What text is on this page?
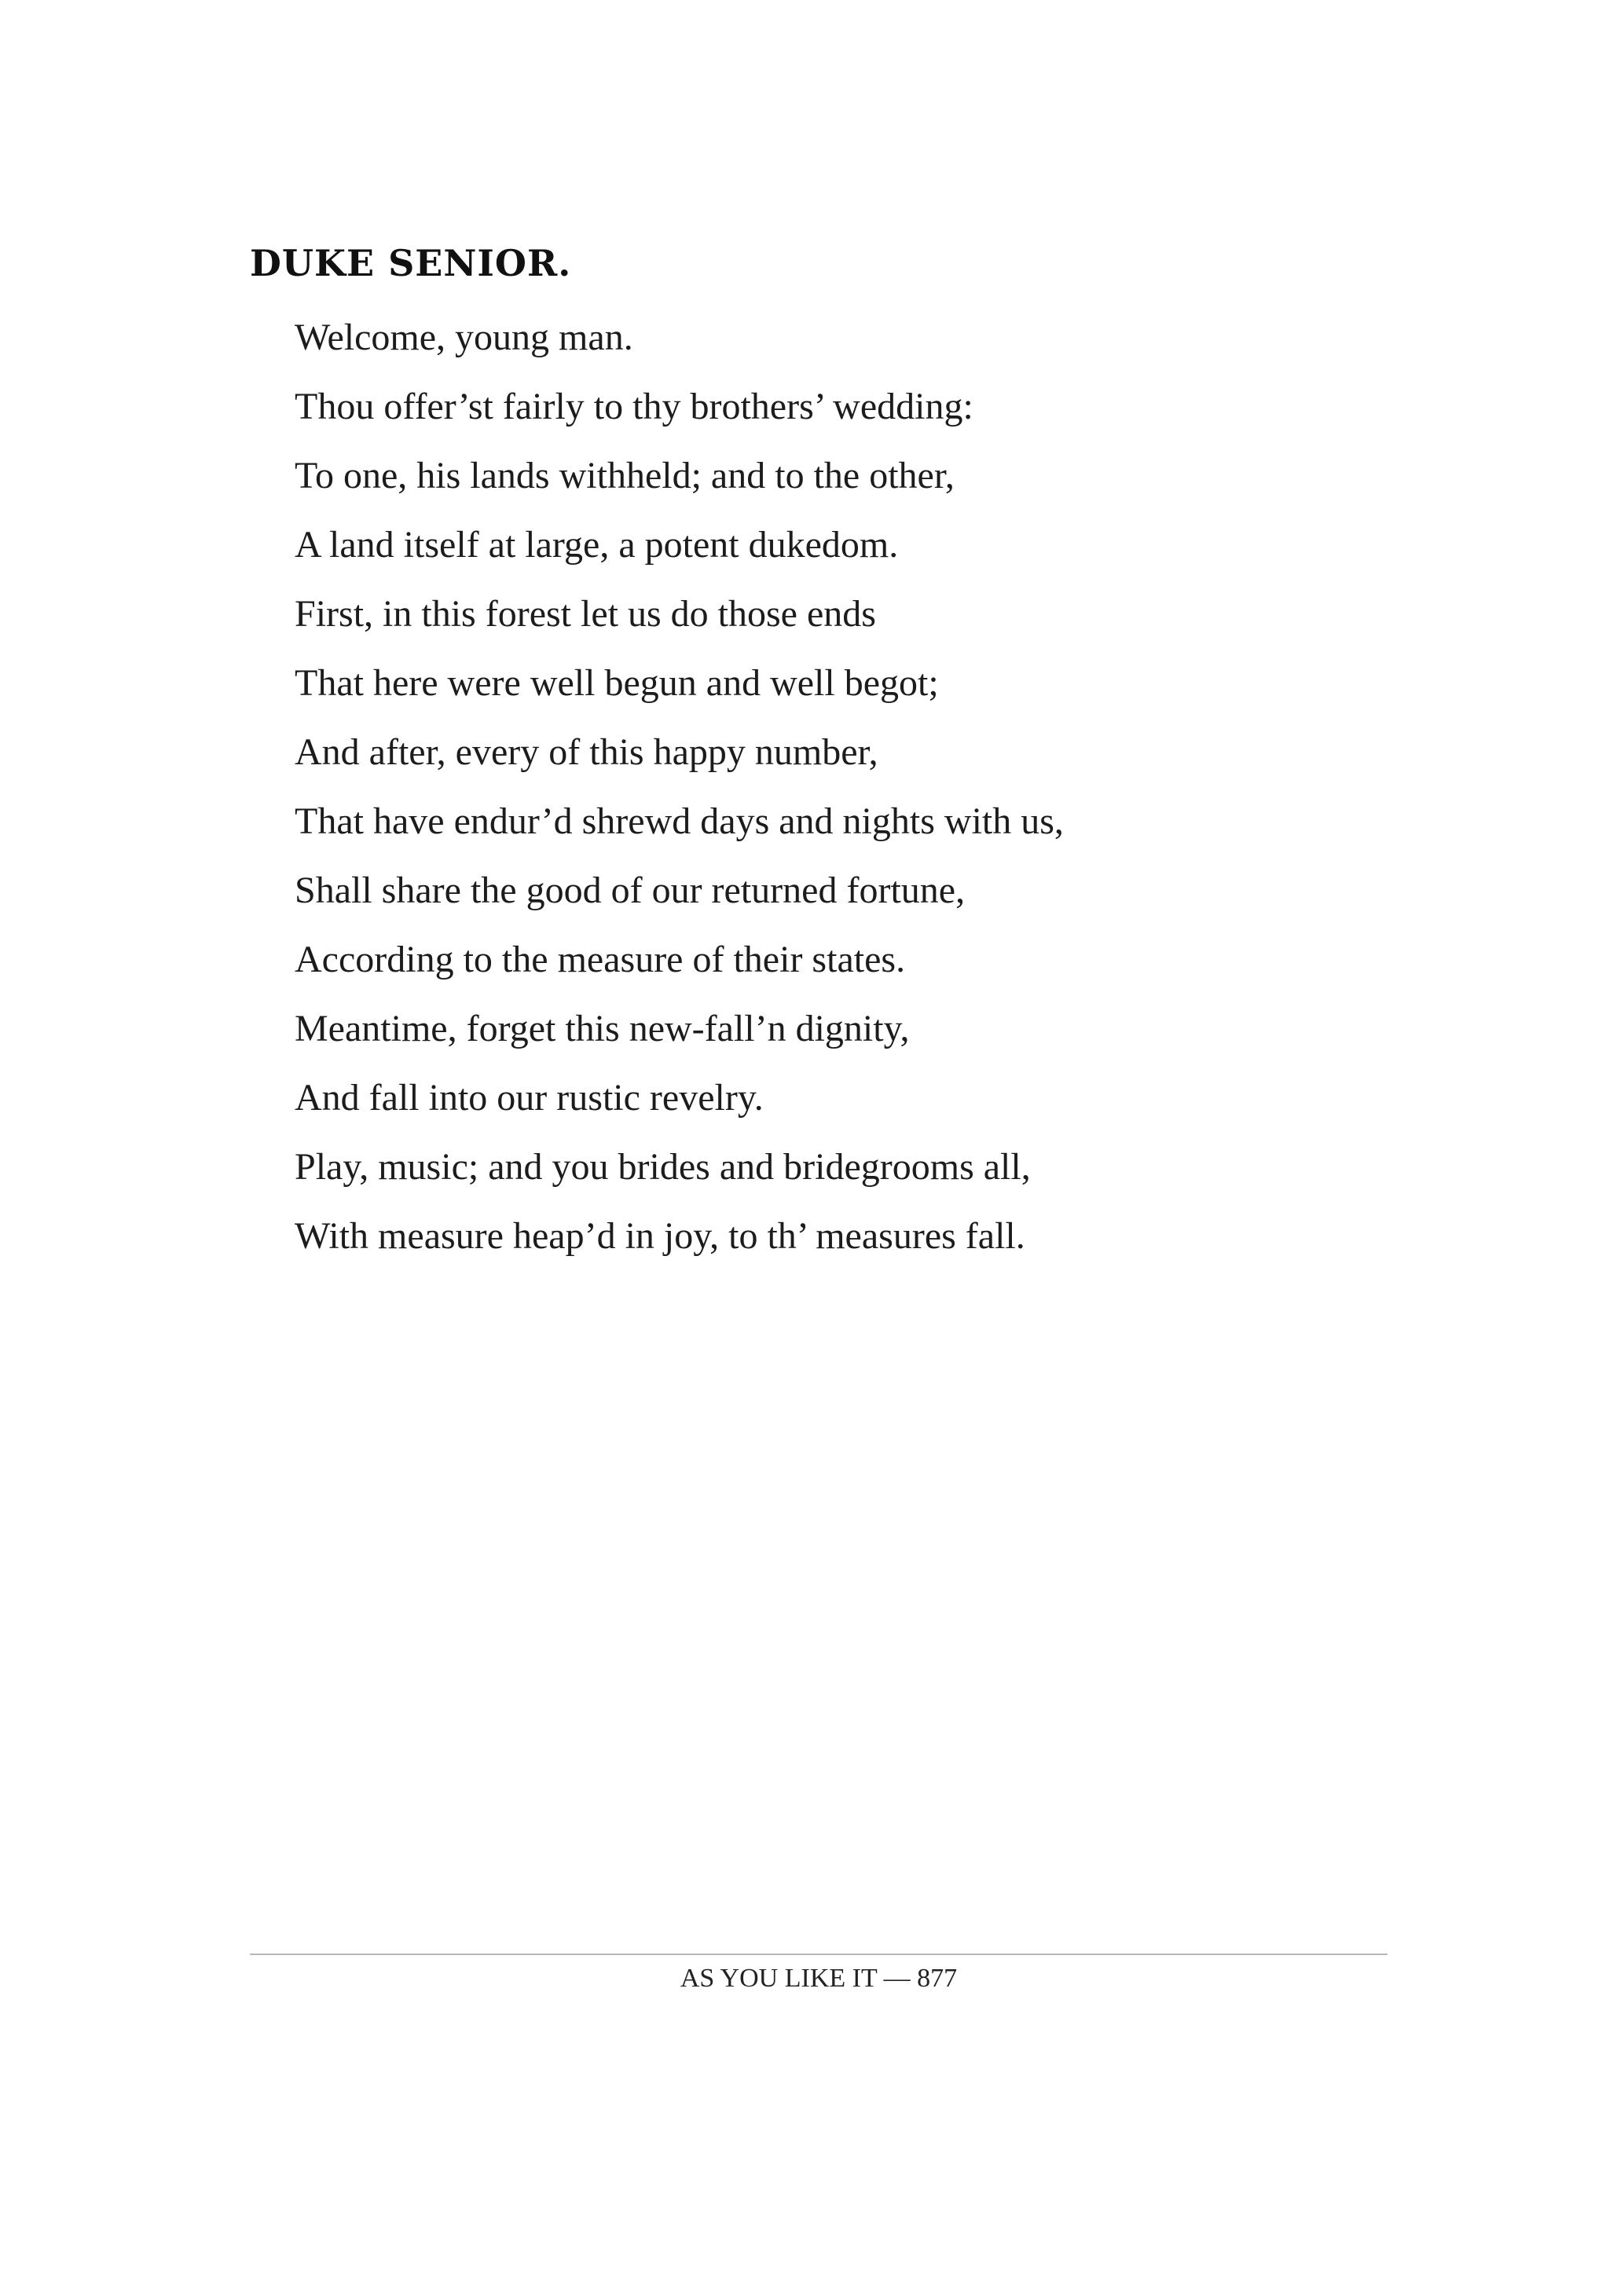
DUKE SENIOR.
Welcome, young man.
Thou offer’st fairly to thy brothers’ wedding:
To one, his lands withheld; and to the other,
A land itself at large, a potent dukedom.
First, in this forest let us do those ends
That here were well begun and well begot;
And after, every of this happy number,
That have endur’d shrewd days and nights with us,
Shall share the good of our returned fortune,
According to the measure of their states.
Meantime, forget this new-fall’n dignity,
And fall into our rustic revelry.
Play, music; and you brides and bridegrooms all,
With measure heap’d in joy, to th’ measures fall.
AS YOU LIKE IT — 877
